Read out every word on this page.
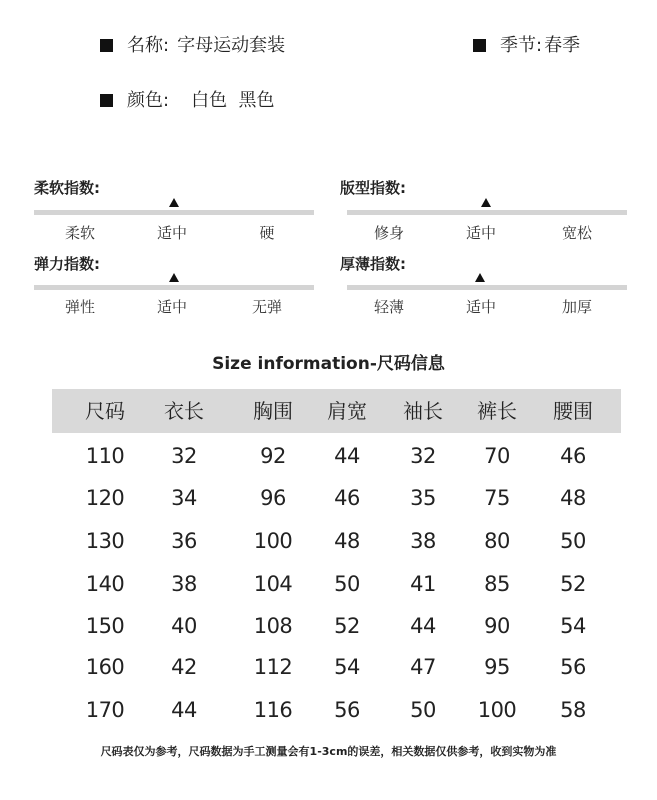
名称: 字母运动套装	季节: 春季
颜色: 白色  黑色
柔软指数:
柔软	适中	硬
版型指数:
修身	适中	宽松
弹力指数:
弹性	适中	无弹
厚薄指数:
轻薄	适中	加厚
Size information-尺码信息
尺码 衣长 胸围 肩宽 袖长 裤长 腰围
110 32	92 44 32 70 46
120 34	96 46 35 75 48
130 36	100 48 38 80 50
140 38	104 50 41 85 52
150 40	108 52 44 90 54
160 42	112 54 47 95 56
170 44	116 56 50 100 58
尺码表仅为参考，尺码数据为手工测量会有1-3cm的误差，相关数据仅供参考，收到实物为准
